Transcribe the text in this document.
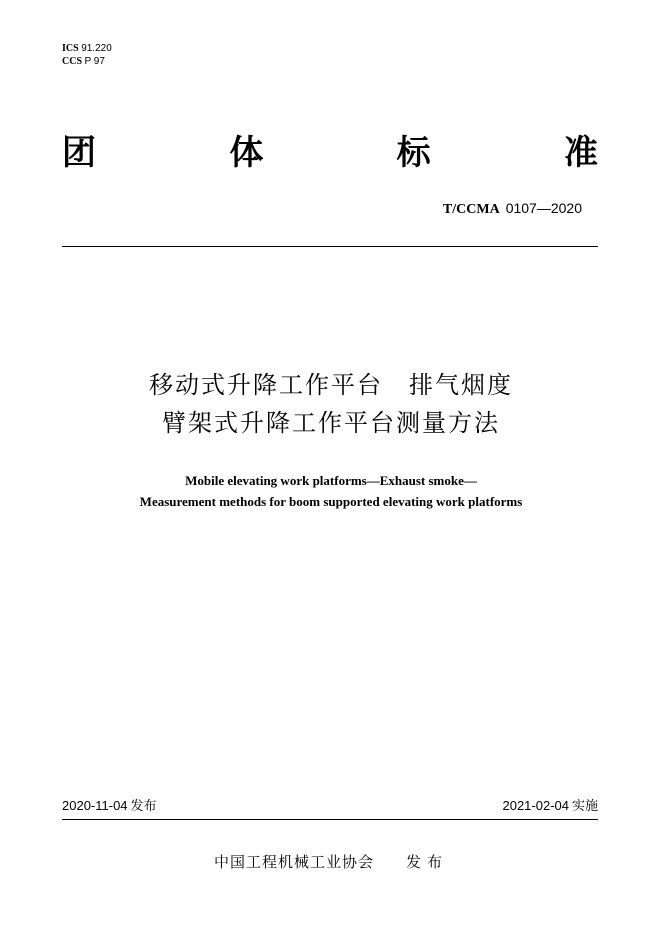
ICS 91.220
CCS P 97
团	体	标	准
T/CCMA 0107—2020
移动式升降工作平台　排气烟度
臂架式升降工作平台测量方法
Mobile elevating work platforms—Exhaust smoke—
Measurement methods for boom supported elevating work platforms
2020-11-04 发布	2021-02-04 实施
中国工程机械工业协会 发布
